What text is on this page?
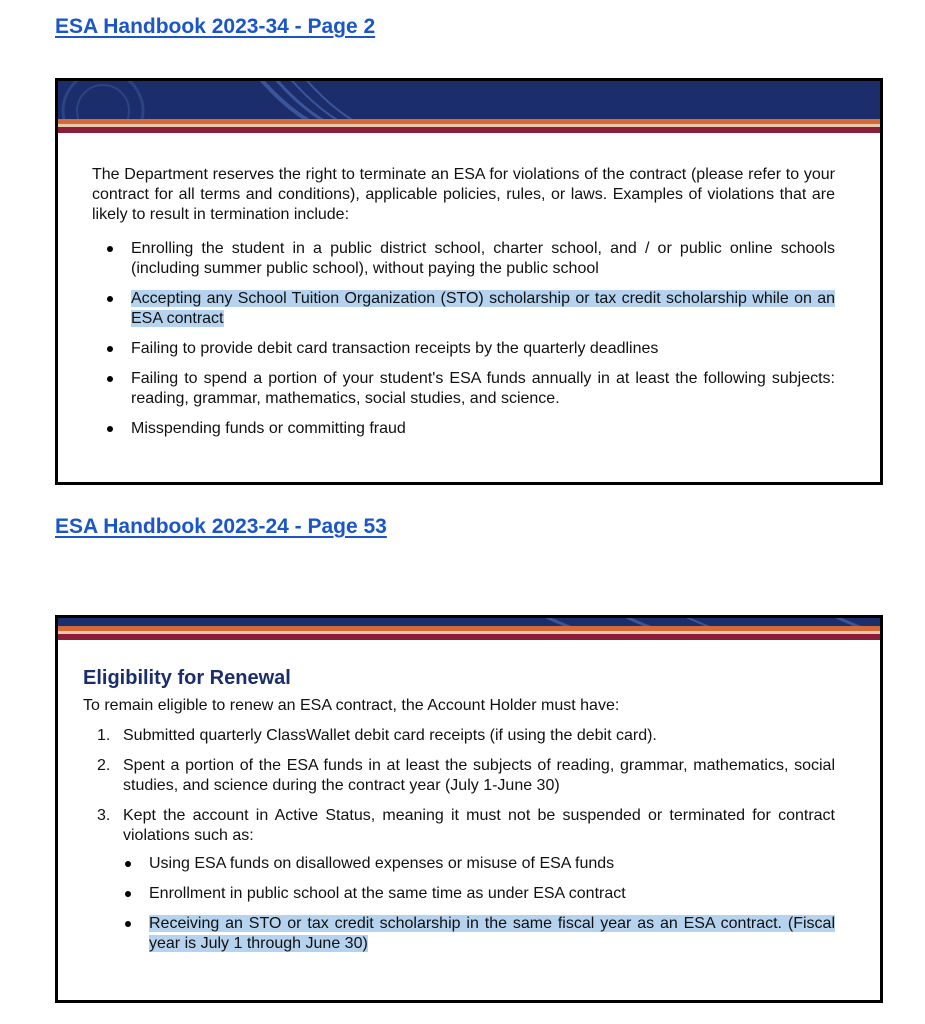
ESA Handbook 2023-34 - Page 2

The Department reserves the right to terminate an ESA for violations of the contract (please refer to your contract for all terms and conditions), applicable policies, rules, or laws. Examples of violations that are likely to result in termination include:

Enrolling the student in a public district school, charter school, and / or public online schools (including summer public school), without paying the public school
Accepting any School Tuition Organization (STO) scholarship or tax credit scholarship while on an ESA contract
Failing to provide debit card transaction receipts by the quarterly deadlines
Failing to spend a portion of your student's ESA funds annually in at least the following subjects: reading, grammar, mathematics, social studies, and science.
Misspending funds or committing fraud
ESA Handbook 2023-24 - Page 53

Eligibility for Renewal

To remain eligible to renew an ESA contract, the Account Holder must have:

1. Submitted quarterly ClassWallet debit card receipts (if using the debit card).
2. Spent a portion of the ESA funds in at least the subjects of reading, grammar, mathematics, social studies, and science during the contract year (July 1-June 30)
3. Kept the account in Active Status, meaning it must not be suspended or terminated for contract violations such as:
Using ESA funds on disallowed expenses or misuse of ESA funds
Enrollment in public school at the same time as under ESA contract
Receiving an STO or tax credit scholarship in the same fiscal year as an ESA contract. (Fiscal year is July 1 through June 30)
